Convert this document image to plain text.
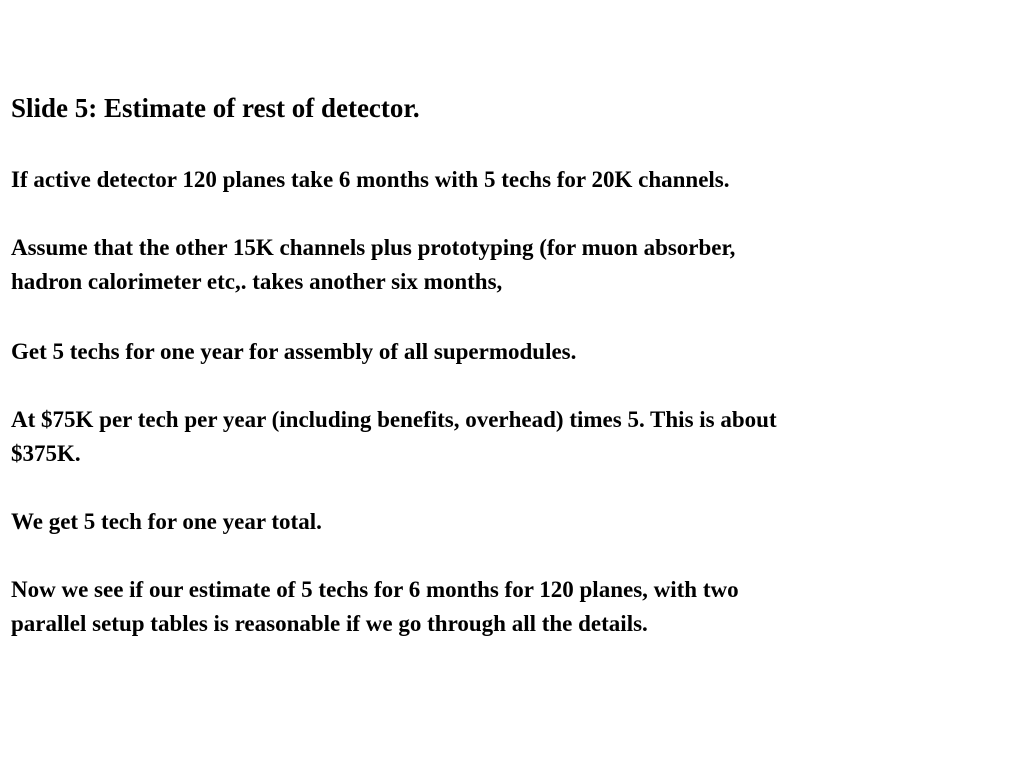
Slide 5: Estimate of rest of detector.

If active detector 120 planes take 6 months with 5 techs for 20K channels.

Assume that the other 15K channels plus prototyping (for muon absorber,
hadron calorimeter etc,. takes another six months,

Get 5 techs for one year for assembly of all supermodules.

At $75K per tech per year (including benefits, overhead) times 5. This is about
$375K.

We get 5 tech for one year total.

Now we see if our estimate of 5 techs for 6 months for 120 planes, with two
parallel setup tables is reasonable if we go through all the details.
